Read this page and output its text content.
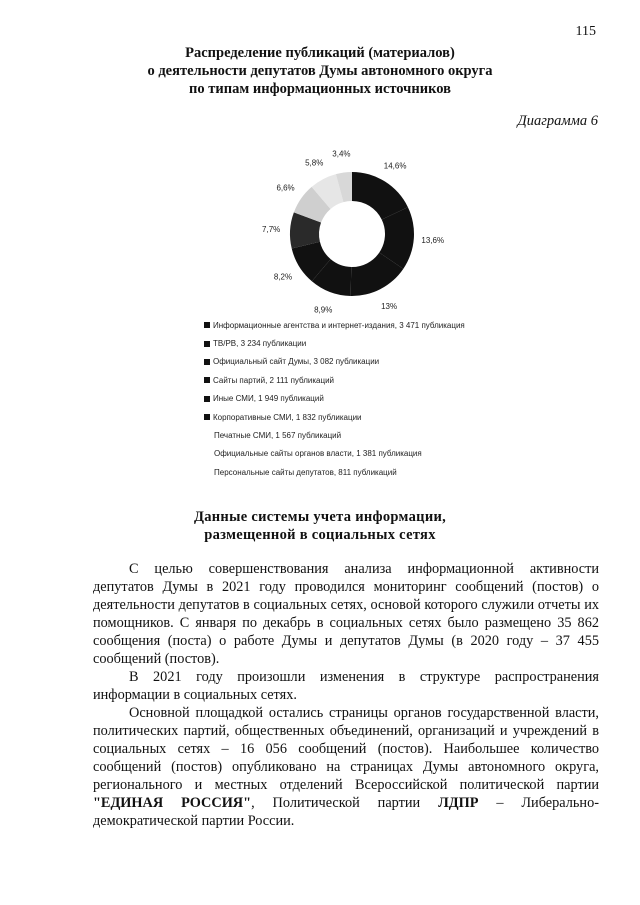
115
Распределение публикаций (материалов)
о деятельности депутатов Думы автономного округа
по типам информационных источников
Диаграмма 6
14,6%
13,6%
13%
8,9%
8,2%
7,7%
6,6%
5,8%
3,4%
Информационные агентства и интернет-издания, 3 471 публикация
ТВ/РВ, 3 234 публикации
Официальный сайт Думы, 3 082 публикации
Сайты партий, 2 111 публикаций
Иные СМИ, 1 949 публикаций
Корпоративные СМИ, 1 832 публикации
Печатные СМИ, 1 567 публикаций
Официальные сайты органов власти, 1 381 публикация
Персональные сайты депутатов, 811 публикаций
Данные системы учета информации,
размещенной в социальных сетях

С целью совершенствования анализа информационной активности депутатов Думы в 2021 году проводился мониторинг сообщений (постов) о деятельности депутатов в социальных сетях, основой которого служили отчеты их помощников. С января по декабрь в социальных сетях было размещено 35 862 сообщения (поста) о работе Думы и депутатов Думы (в 2020 году – 37 455 сообщений (постов).

В 2021 году произошли изменения в структуре распространения информации в социальных сетях.

Основной площадкой остались страницы органов государственной власти, политических партий, общественных объединений, организаций и учреждений в социальных сетях – 16 056 сообщений (постов). Наибольшее количество сообщений (постов) опубликовано на страницах Думы автономного округа, регионального и местных отделений Всероссийской политической партии "ЕДИНАЯ РОССИЯ", Политической партии ЛДПР – Либерально-демократической партии России.
